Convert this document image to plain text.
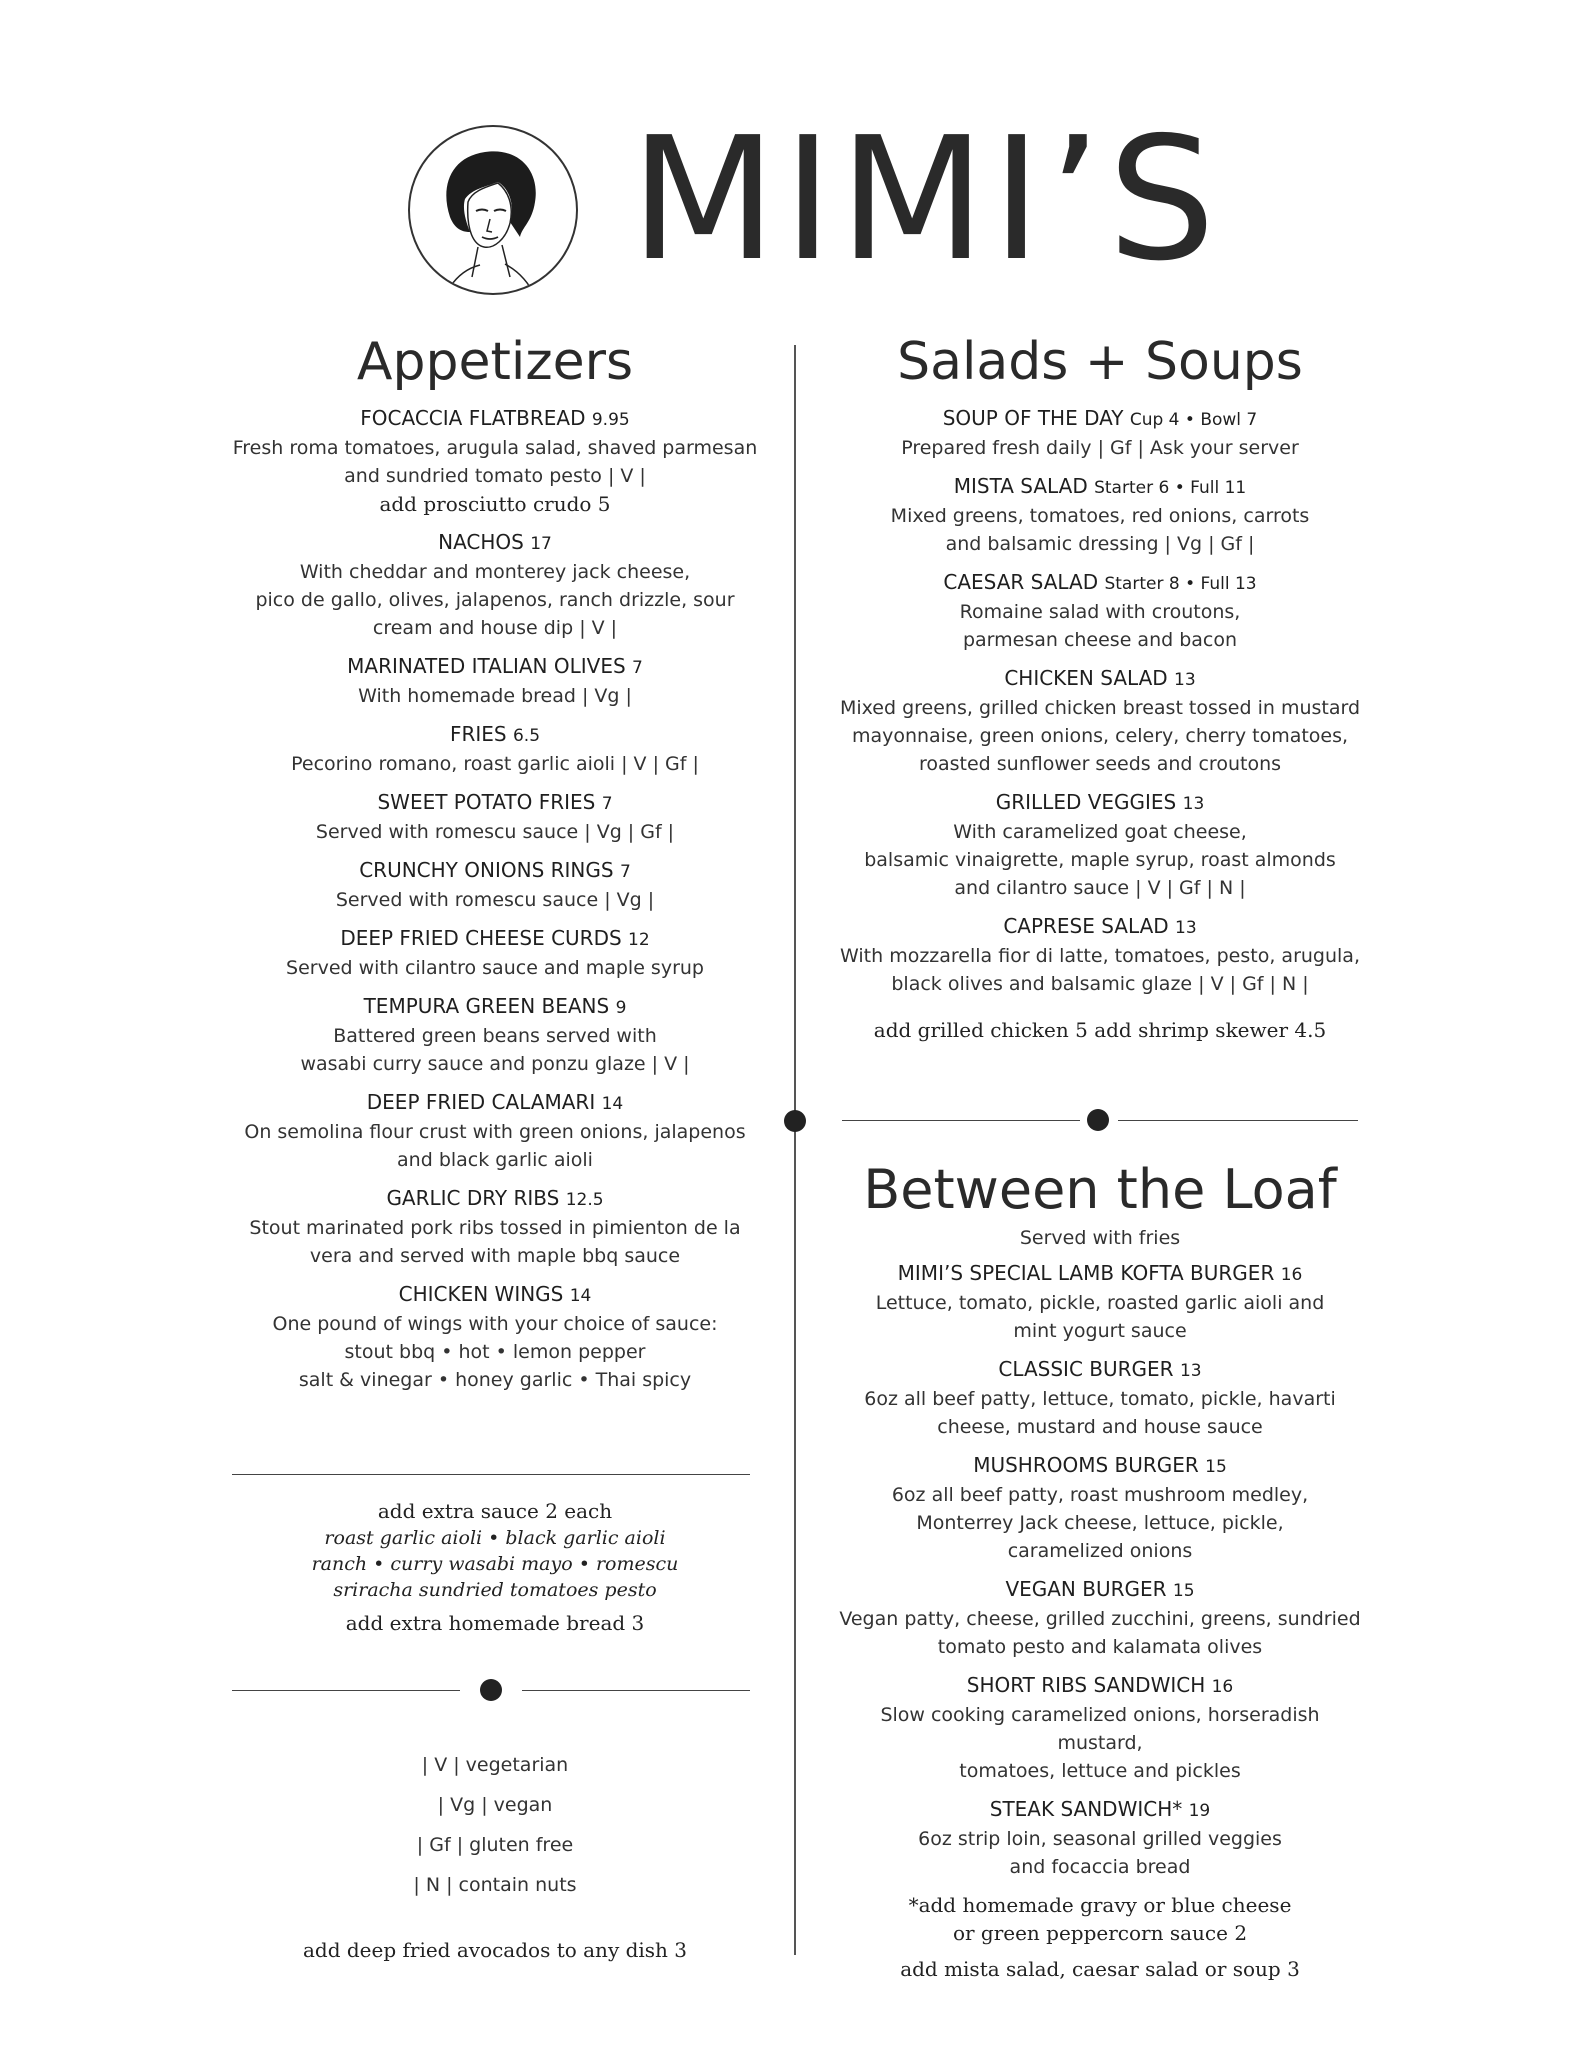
MIMI’S
Appetizers
FOCACCIA FLATBREAD 9.95
Fresh roma tomatoes, arugula salad, shaved parmesan
and sundried tomato pesto | V |
add prosciutto crudo 5
NACHOS 17
With cheddar and monterey jack cheese,
pico de gallo, olives, jalapenos, ranch drizzle, sour
cream and house dip | V |
MARINATED ITALIAN OLIVES 7
With homemade bread | Vg |
FRIES 6.5
Pecorino romano, roast garlic aioli | V | Gf |
SWEET POTATO FRIES 7
Served with romescu sauce | Vg | Gf |
CRUNCHY ONIONS RINGS 7
Served with romescu sauce | Vg |
DEEP FRIED CHEESE CURDS 12
Served with cilantro sauce and maple syrup
TEMPURA GREEN BEANS 9
Battered green beans served with
wasabi curry sauce and ponzu glaze | V |
DEEP FRIED CALAMARI 14
On semolina flour crust with green onions, jalapenos
and black garlic aioli
GARLIC DRY RIBS 12.5
Stout marinated pork ribs tossed in pimienton de la
vera and served with maple bbq sauce
CHICKEN WINGS 14
One pound of wings with your choice of sauce:
stout bbq • hot • lemon pepper
salt & vinegar • honey garlic • Thai spicy
add extra sauce 2 each
roast garlic aioli • black garlic aioli
ranch • curry wasabi mayo • romescu
sriracha sundried tomatoes pesto
add extra homemade bread 3
| V | vegetarian
| Vg | vegan
| Gf | gluten free
| N | contain nuts
add deep fried avocados to any dish 3
Salads + Soups
SOUP OF THE DAY Cup 4 • Bowl 7
Prepared fresh daily | Gf | Ask your server
MISTA SALAD Starter 6 • Full 11
Mixed greens, tomatoes, red onions, carrots
and balsamic dressing | Vg | Gf |
CAESAR SALAD Starter 8 • Full 13
Romaine salad with croutons,
parmesan cheese and bacon
CHICKEN SALAD 13
Mixed greens, grilled chicken breast tossed in mustard
mayonnaise, green onions, celery, cherry tomatoes,
roasted sunflower seeds and croutons
GRILLED VEGGIES 13
With caramelized goat cheese,
balsamic vinaigrette, maple syrup, roast almonds
and cilantro sauce | V | Gf | N |
CAPRESE SALAD 13
With mozzarella fior di latte, tomatoes, pesto, arugula,
black olives and balsamic glaze | V | Gf | N |
add grilled chicken 5 add shrimp skewer 4.5
Between the Loaf
Served with fries
MIMI’S SPECIAL LAMB KOFTA BURGER 16
Lettuce, tomato, pickle, roasted garlic aioli and
mint yogurt sauce
CLASSIC BURGER 13
6oz all beef patty, lettuce, tomato, pickle, havarti
cheese, mustard and house sauce
MUSHROOMS BURGER 15
6oz all beef patty, roast mushroom medley,
Monterrey Jack cheese, lettuce, pickle,
caramelized onions
VEGAN BURGER 15
Vegan patty, cheese, grilled zucchini, greens, sundried
tomato pesto and kalamata olives
SHORT RIBS SANDWICH 16
Slow cooking caramelized onions, horseradish mustard,
tomatoes, lettuce and pickles
STEAK SANDWICH* 19
6oz strip loin, seasonal grilled veggies
and focaccia bread
*add homemade gravy or blue cheese
or green peppercorn sauce 2
add mista salad, caesar salad or soup 3
